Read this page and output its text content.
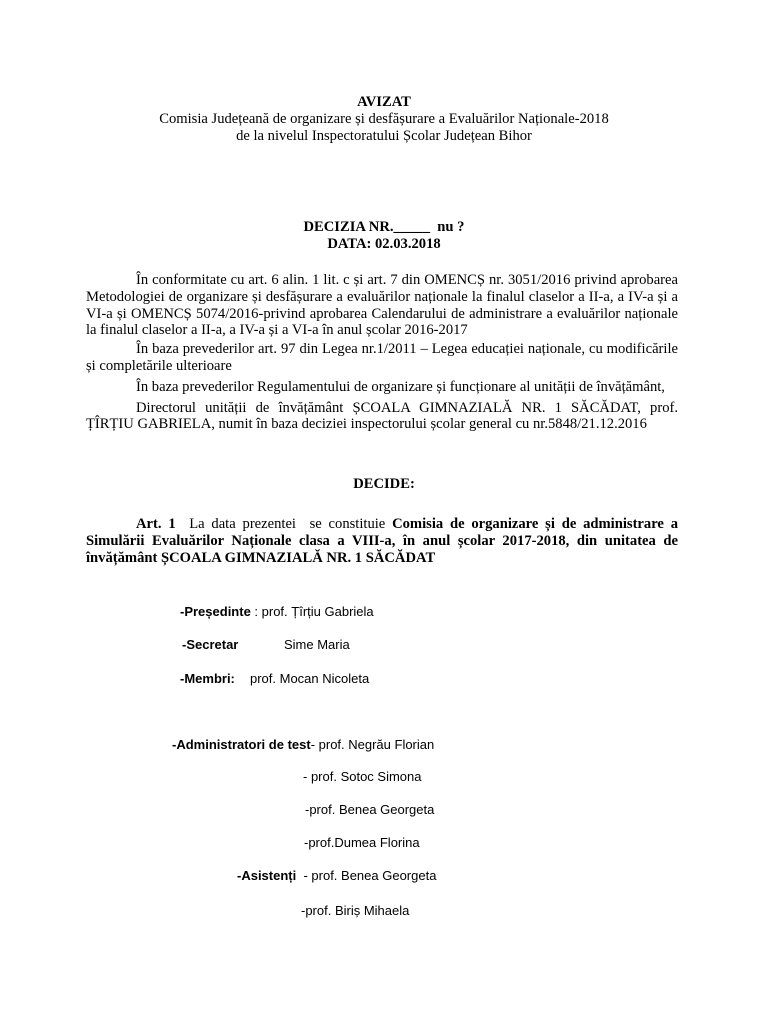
AVIZAT
Comisia Județeană de organizare și desfășurare a Evaluărilor Naționale-2018
de la nivelul Inspectoratului Școlar Județean Bihor
DECIZIA NR._____  nu ?
DATA: 02.03.2018

În conformitate cu art. 6 alin. 1 lit. c și art. 7 din OMENCȘ nr. 3051/2016 privind aprobarea Metodologiei de organizare și desfășurare a evaluărilor naționale la finalul claselor a II-a, a IV-a și a VI-a și OMENCȘ 5074/2016-privind aprobarea Calendarului de administrare a evaluărilor naționale la finalul claselor a II-a, a IV-a și a VI-a în anul școlar 2016-2017

În baza prevederilor art. 97 din Legea nr.1/2011 – Legea educației naționale, cu modificările și completările ulterioare

În baza prevederilor Regulamentului de organizare și funcționare al unității de învățământ,

Directorul unității de învățământ ȘCOALA GIMNAZIALĂ NR. 1 SĂCĂDAT, prof. ȚÎRȚIU GABRIELA, numit în baza deciziei inspectorului școlar general cu nr.5848/21.12.2016

DECIDE:

Art. 1  La data prezentei  se constituie Comisia de organizare și de administrare a Simulării Evaluărilor Naționale clasa a VIII-a, în anul școlar 2017-2018, din unitatea de învățământ ȘCOALA GIMNAZIALĂ NR. 1 SĂCĂDAT

-Președinte : prof. Țîrțiu Gabriela
-Secretar	Sime Maria
-Membri: prof. Mocan Nicoleta
-Administratori de test- prof. Negrău Florian
- prof. Sotoc Simona
-prof. Benea Georgeta
-prof.Dumea Florina
-Asistenți  - prof. Benea Georgeta
-prof. Biriș Mihaela
